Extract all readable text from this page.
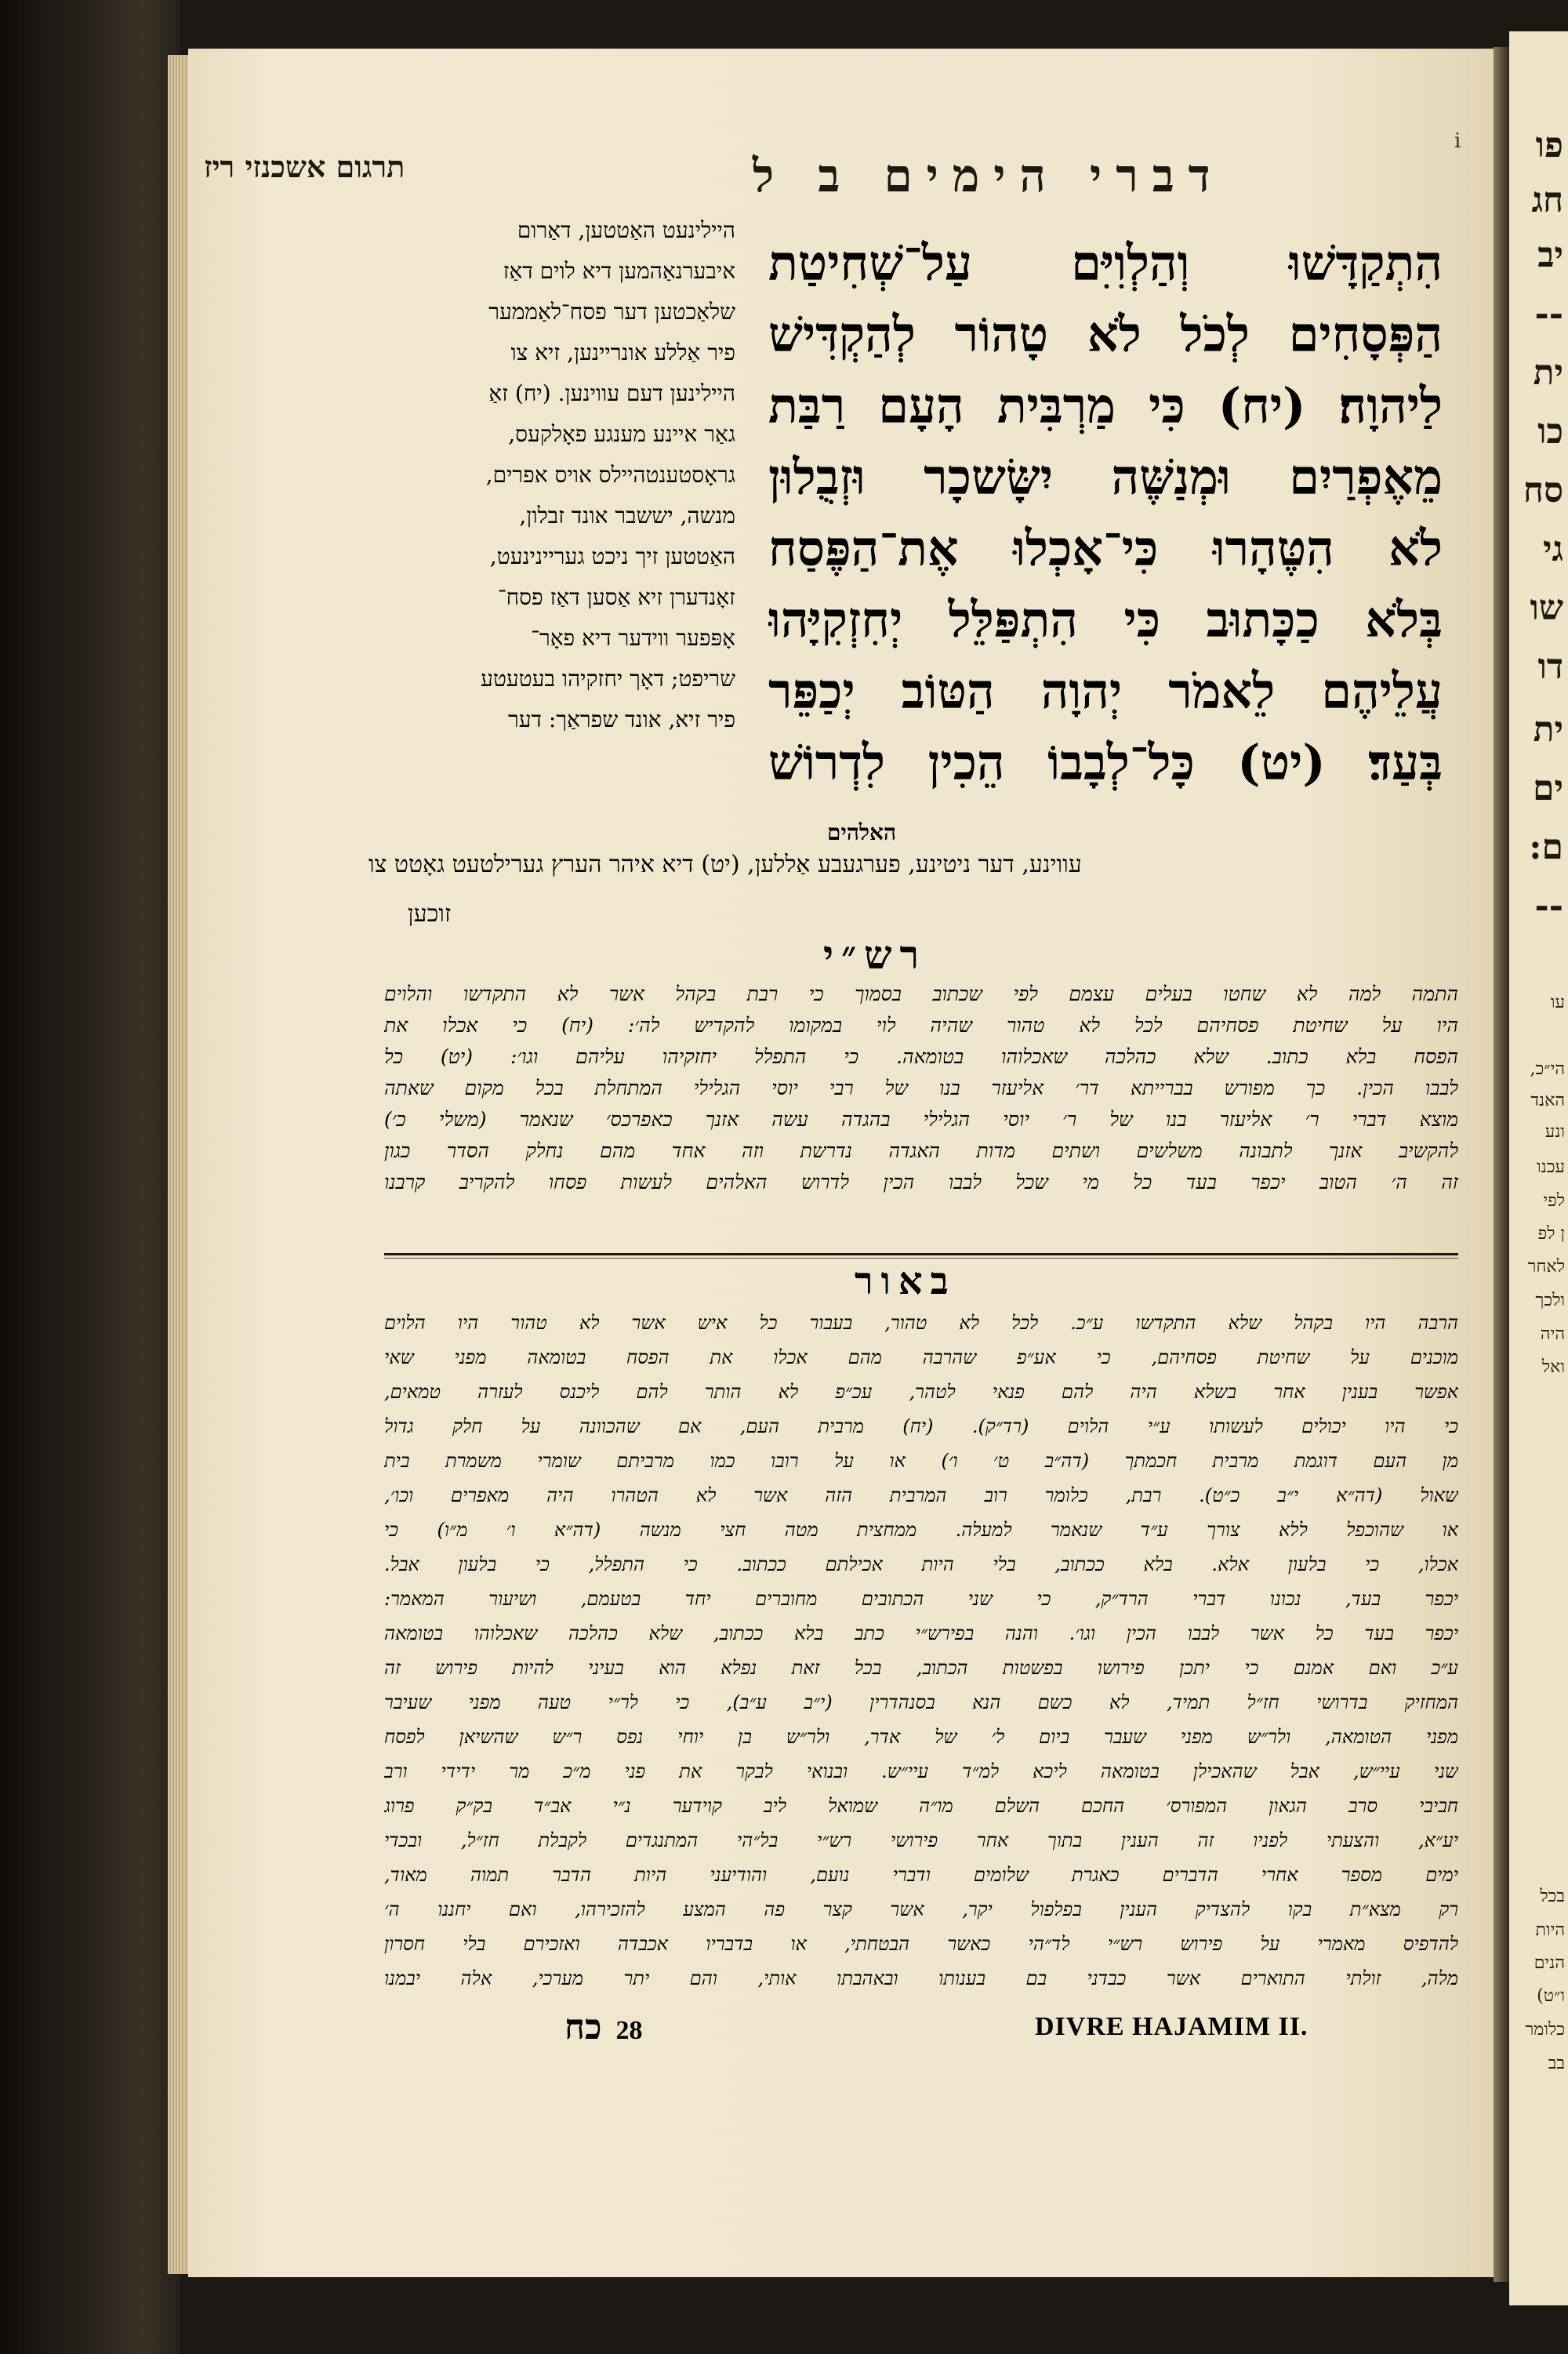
פו
חג
יב
--
ית
כו
סח
גי
שו
דו
ית
ים
ם:
--
עו
הי״כ,
האנד
ונע
עכנו
לפי
ן לפ
לאחר
ולכך
היה
ואל
בכל
היות
הנים
ו״ט)
כלומר
בב
i
תרגום אשכנזי ריז	דברי הימים ב ל
היילינעט האַטטען, דאַרום
איבערנאַהמען דיא לוים דאַז
שלאַכטען דער פסח־לאַממער
פיר אַללע אונריינען, זיא צו
היילינען דעם עווינען. (יח) זאַ
גאַר איינע מענגע פאָלקעס,
גראָסטענטהיילס אויס אפרים,
מנשה, יששבר אונד זבלון,
האַטטען זיך ניכט געריינינעט,
זאָנדערן זיא אַסען דאַז פסח־
אָפּפער ווידער דיא פאָר־
שריפט; דאָך יחזקיהו בעטעטע
פיר זיא, אונד שפראַך: דער
הִתְקַדָּשׁוּ וְהַלְוִיִּם עַל־שְׁחִיטַת
הַפְּסָחִים לְכֹל לֹא טָהוֹר לְהַקְדִּישׁ
לַיהוָה׃ (יח) כִּי מַרְבִּית הָעָם רַבַּת
מֵאֶפְרַיִם וּמְנַשֶּׁה יִשָּׂשכָר וּזְבֻלוּן
לֹא הִטֶּהָרוּ כִּי־אָכְלוּ אֶת־הַפֶּסַח
בְּלֹא כַכָּתוּב כִּי הִתְפַּלֵּל יְחִזְקִיָּהוּ
עֲלֵיהֶם לֵאמֹר יְהוָה הַטּוֹב יְכַפֵּר
בְּעַד׃ (יט) כָּל־לְבָבוֹ הֵכִין לִדְרוֹשׁ
האלהים
עווינע, דער ניטינע, פערגעבע אַללען, (יט) דיא איהר הערץ גערילטעט גאָטט צו
זוכען
רש״י
התמה למה לא שחטו בעלים עצמם לפי שכתוב בסמוך כי רבת בקהל אשר לא התקדשו והלוים
היו על שחיטת פסחיהם לכל לא טהור שהיה לוי במקומו להקדיש לה׳: (יח) כי אכלו את
הפסח בלא כתוב. שלא כהלכה שאכלוהו בטומאה. כי התפלל יחזקיהו עליהם וגו׳: (יט) כל
לבבו הכין. כך מפורש בברייתא דר׳ אליעזר בנו של רבי יוסי הגלילי המתחלת בכל מקום שאתה
מוצא דברי ר׳ אליעזר בנו של ר׳ יוסי הגלילי בהגדה עשה אזנך כאפרכס׳ שנאמר (משלי כ׳)
להקשיב אזנך לתבונה משלשים ושתים מדות האגדה נדרשת וזה אחד מהם נחלק הסדר כגון
זה ה׳ הטוב יכפר בעד כל מי שכל לבבו הכין לדרוש האלהים לעשות פסחו להקריב קרבנו
באור
הרבה היו בקהל שלא התקדשו ע״כ. לכל לא טהור, בעבור כל איש אשר לא טהור היו הלוים
מוכנים על שחיטת פסחיהם, כי אע״פ שהרבה מהם אכלו את הפסח בטומאה מפני שאי
אפשר בענין אחר בשלא היה להם פנאי לטהר, עכ״פ לא הותר להם ליכנס לעזרה טמאים,
כי היו יכולים לעשותו ע״י הלוים (רד״ק). (יח) מרבית העם, אם שהכוונה על חלק גדול
מן העם דוגמת מרבית חכמתך (דה״ב ט׳ ו׳) או על רובו כמו מרביתם שומרי משמרת בית
שאול (דה״א י״ב כ״ט). רבת, כלומר רוב המרבית הזה אשר לא הטהרו היה מאפרים וכו׳,
או שהוכפל ללא צורך ע״ד שנאמר למעלה. ממחצית מטה חצי מנשה (דה״א ו׳ מ״ו) כי
אכלו, כי בלעון אלא. בלא ככתוב, בלי היות אכילתם ככתוב. כי התפלל, כי בלעון אבל.
יכפר בעד, נכונו דברי הרד״ק, כי שני הכתובים מחוברים יחד בטעמם, ושיעור המאמר:
יכפר בעד כל אשר לבבו הכין וגו׳. והנה בפירש״י כתב בלא ככתוב, שלא כהלכה שאכלוהו בטומאה
ע״כ ואם אמנם כי יתכן פירושו בפשטות הכתוב, בכל זאת נפלא הוא בעיני להיות פירוש זה
המחזיק בדרושי חז״ל תמיד, לא כשם הנא בסנהדרין (י״ב ע״ב), כי לר״י טעה מפני שעיבר
מפני הטומאה, ולר״ש מפני שעבר ביום ל׳ של אדר, ולר״ש בן יוחי נפס ר״ש שהשיאן לפסח
שני עיי״ש, אבל שהאכילן בטומאה ליכא למ״ד עיי״ש. ובנואי לבקר את פני מ״כ מר ידידי ורב
חביבי סרב הגאון המפורס׳ החכם השלם מו״ה שמואל ליב קוידער נ״י אב״ד בק״ק פרוג
יע״א, והצעתי לפניו זה הענין בתוך אחר פירושי רש״י בל״הי המתנגדים לקבלת חז״ל, ובכדי
ימים מספר אחרי הדברים כאגרת שלומים ודברי נועם, והודיעני היות הדבר תמוה מאוד,
רק מצא״ת בקו להצדיק הענין בפלפול יקר, אשר קצר פה המצע להזכירהו, ואם יחננו ה׳
להדפיס מאמרי על פירוש רש״י לד״הי כאשר הבטחתי, או בדבריו אכבדה ואזכירם בלי חסרון
מלה, זולתי התוארים אשר כבדני בם בענותו ובאהבתו אותי, והם יתר מערכי, אלה יבמנו
כח 28	DIVRE HAJAMIM II.
